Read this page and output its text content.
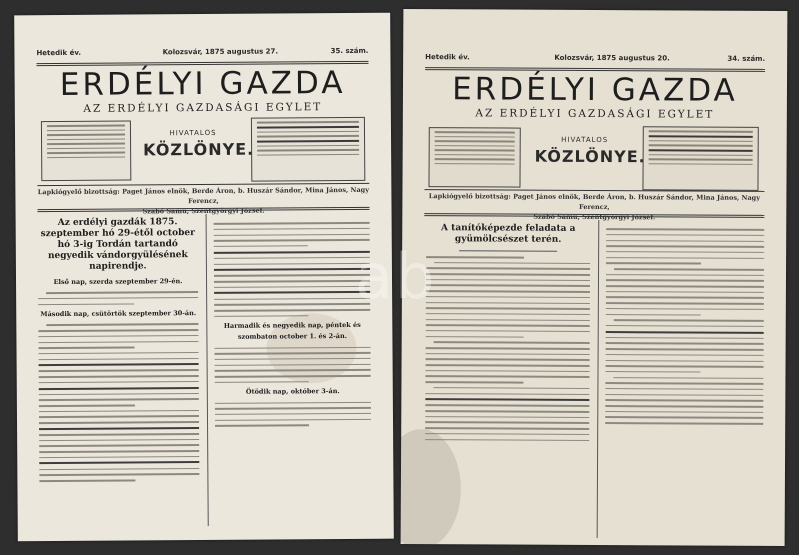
Hetedik év.	Kolozsvár, 1875 augustus 27.	35. szám.
ERDÉLYI GAZDA
AZ ERDÉLYI GAZDASÁGI EGYLET
HIVATALOS
KÖZLÖNYE.
Lapkiógyelő bizottság: Paget János elnök, Berde Áron, b. Huszár Sándor, Mina János, Nagy Ferencz,
Szabó Samu, Szentgyörgyi József.
Az erdélyi gazdák 1875. szeptember hó 29-étől october hó 3-ig Tordán tartandó negyedik vándorgyülésének napirendje.
Első nap, szerda szeptember 29-én.
Második nap, csütörtök szeptember 30-án.
Harmadik és negyedik nap, péntek és szombaton october 1. és 2-án.
Ötödik nap, október 3-án.
Hetedik év.	Kolozsvár, 1875 augustus 20.	34. szám.
ERDÉLYI GAZDA
AZ ERDÉLYI GAZDASÁGI EGYLET
HIVATALOS
KÖZLÖNYE.
Lapkiógyelő bizottság: Paget János elnök, Berde Áron, b. Huszár Sándor, Mina János, Nagy Ferencz,
Szabó Samu, Szentgyörgyi József.
A tanítóképezde feladata a gyümölcsészet terén.
ab
